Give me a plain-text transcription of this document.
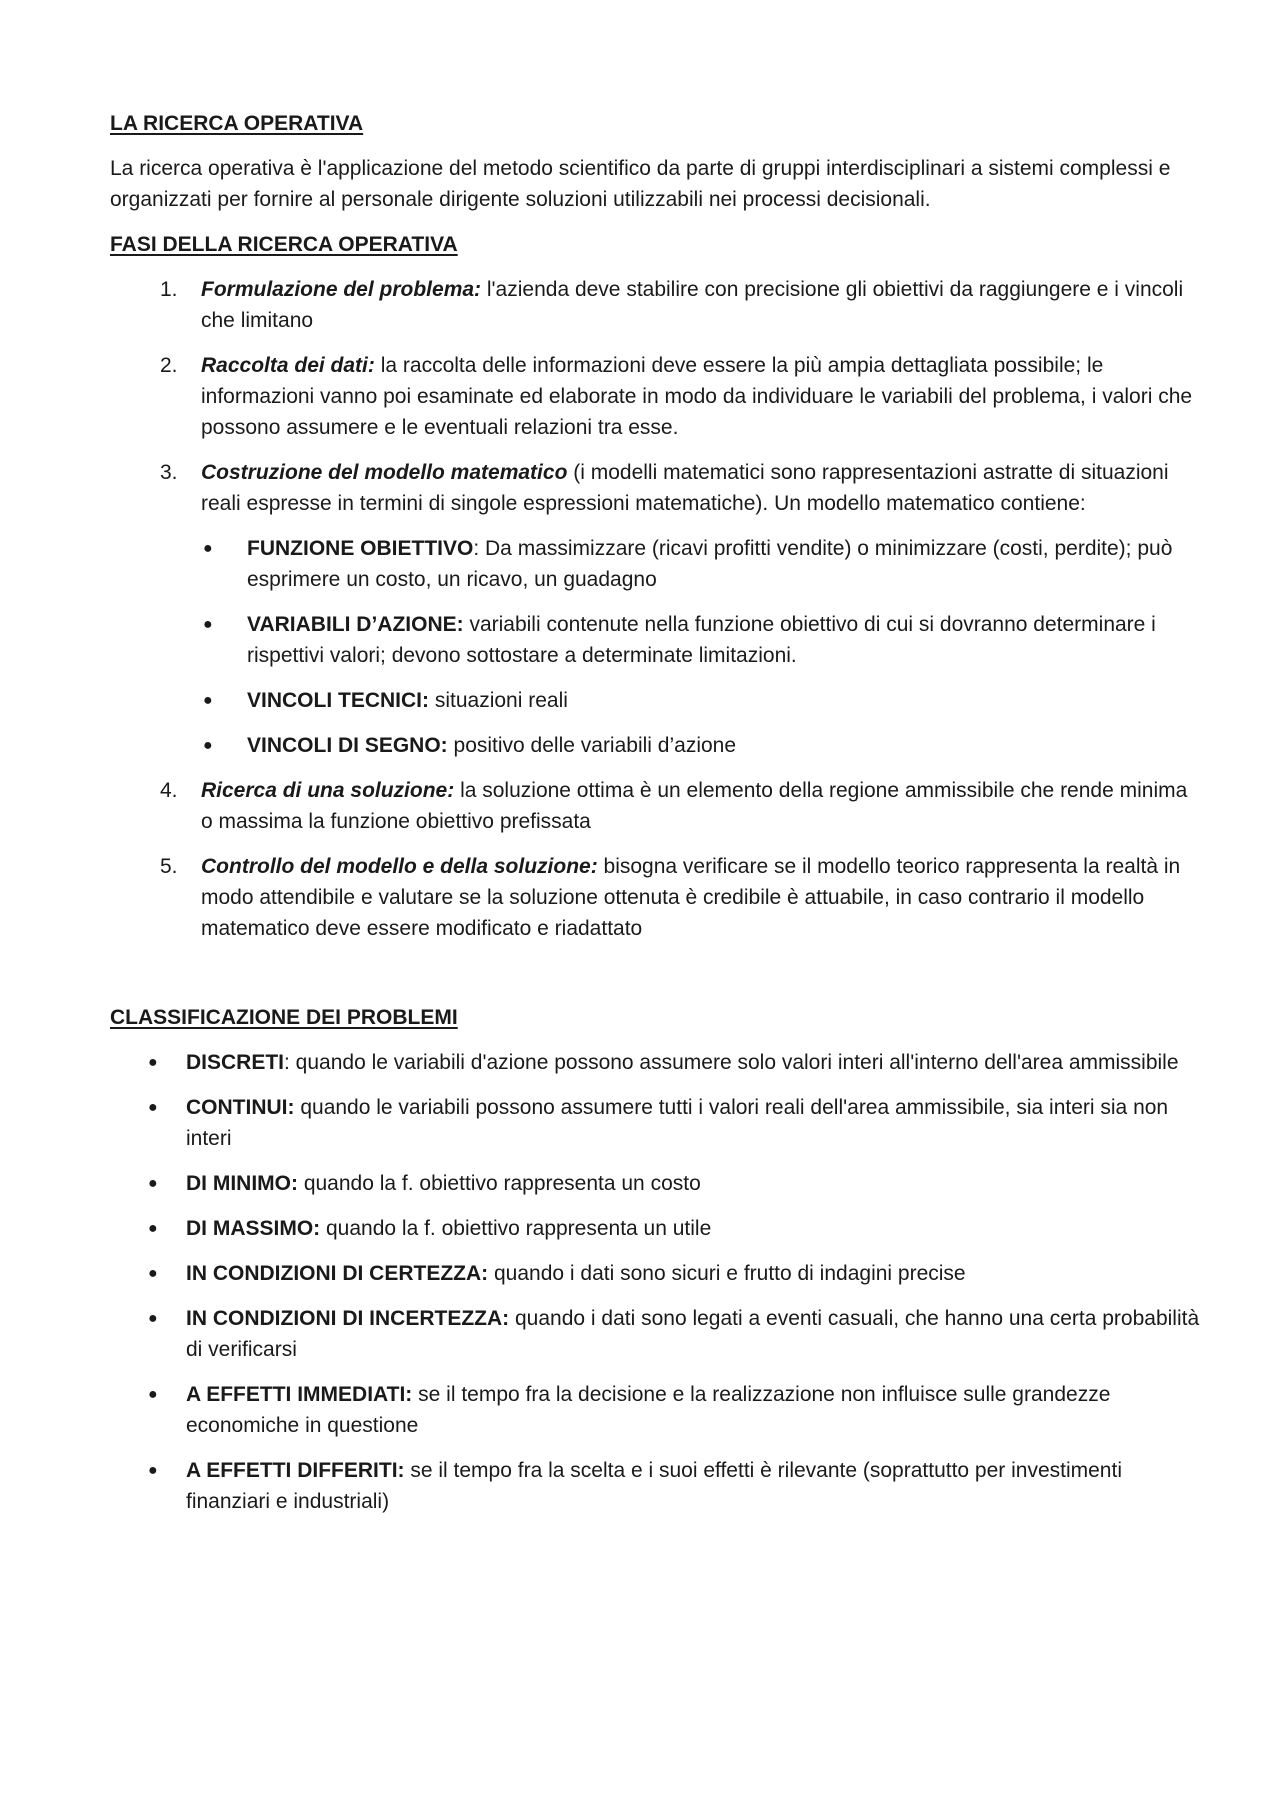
LA RICERCA OPERATIVA

La ricerca operativa è l'applicazione del metodo scientifico da parte di gruppi interdisciplinari a sistemi complessi e organizzati per fornire al personale dirigente soluzioni utilizzabili nei processi decisionali.

FASI DELLA RICERCA OPERATIVA
1. Formulazione del problema: l'azienda deve stabilire con precisione gli obiettivi da raggiungere e i vincoli che limitano
2. Raccolta dei dati: la raccolta delle informazioni deve essere la più ampia dettagliata possibile; le informazioni vanno poi esaminate ed elaborate in modo da individuare le variabili del problema, i valori che possono assumere e le eventuali relazioni tra esse.
3. Costruzione del modello matematico (i modelli matematici sono rappresentazioni astratte di situazioni reali espresse in termini di singole espressioni matematiche). Un modello matematico contiene:
● FUNZIONE OBIETTIVO: Da massimizzare (ricavi profitti vendite) o minimizzare (costi, perdite); può esprimere un costo, un ricavo, un guadagno
● VARIABILI D’AZIONE: variabili contenute nella funzione obiettivo di cui si dovranno determinare i rispettivi valori; devono sottostare a determinate limitazioni.
● VINCOLI TECNICI: situazioni reali
● VINCOLI DI SEGNO: positivo delle variabili d’azione
4. Ricerca di una soluzione: la soluzione ottima è un elemento della regione ammissibile che rende minima o massima la funzione obiettivo prefissata
5. Controllo del modello e della soluzione: bisogna verificare se il modello teorico rappresenta la realtà in modo attendibile e valutare se la soluzione ottenuta è credibile è attuabile, in caso contrario il modello matematico deve essere modificato e riadattato
CLASSIFICAZIONE DEI PROBLEMI
● DISCRETI: quando le variabili d'azione possono assumere solo valori interi all'interno dell'area ammissibile
● CONTINUI: quando le variabili possono assumere tutti i valori reali dell'area ammissibile, sia interi sia non interi
● DI MINIMO: quando la f. obiettivo rappresenta un costo
● DI MASSIMO: quando la f. obiettivo rappresenta un utile
● IN CONDIZIONI DI CERTEZZA: quando i dati sono sicuri e frutto di indagini precise
● IN CONDIZIONI DI INCERTEZZA: quando i dati sono legati a eventi casuali, che hanno una certa probabilità di verificarsi
● A EFFETTI IMMEDIATI: se il tempo fra la decisione e la realizzazione non influisce sulle grandezze economiche in questione
● A EFFETTI DIFFERITI: se il tempo fra la scelta e i suoi effetti è rilevante (soprattutto per investimenti finanziari e industriali)
